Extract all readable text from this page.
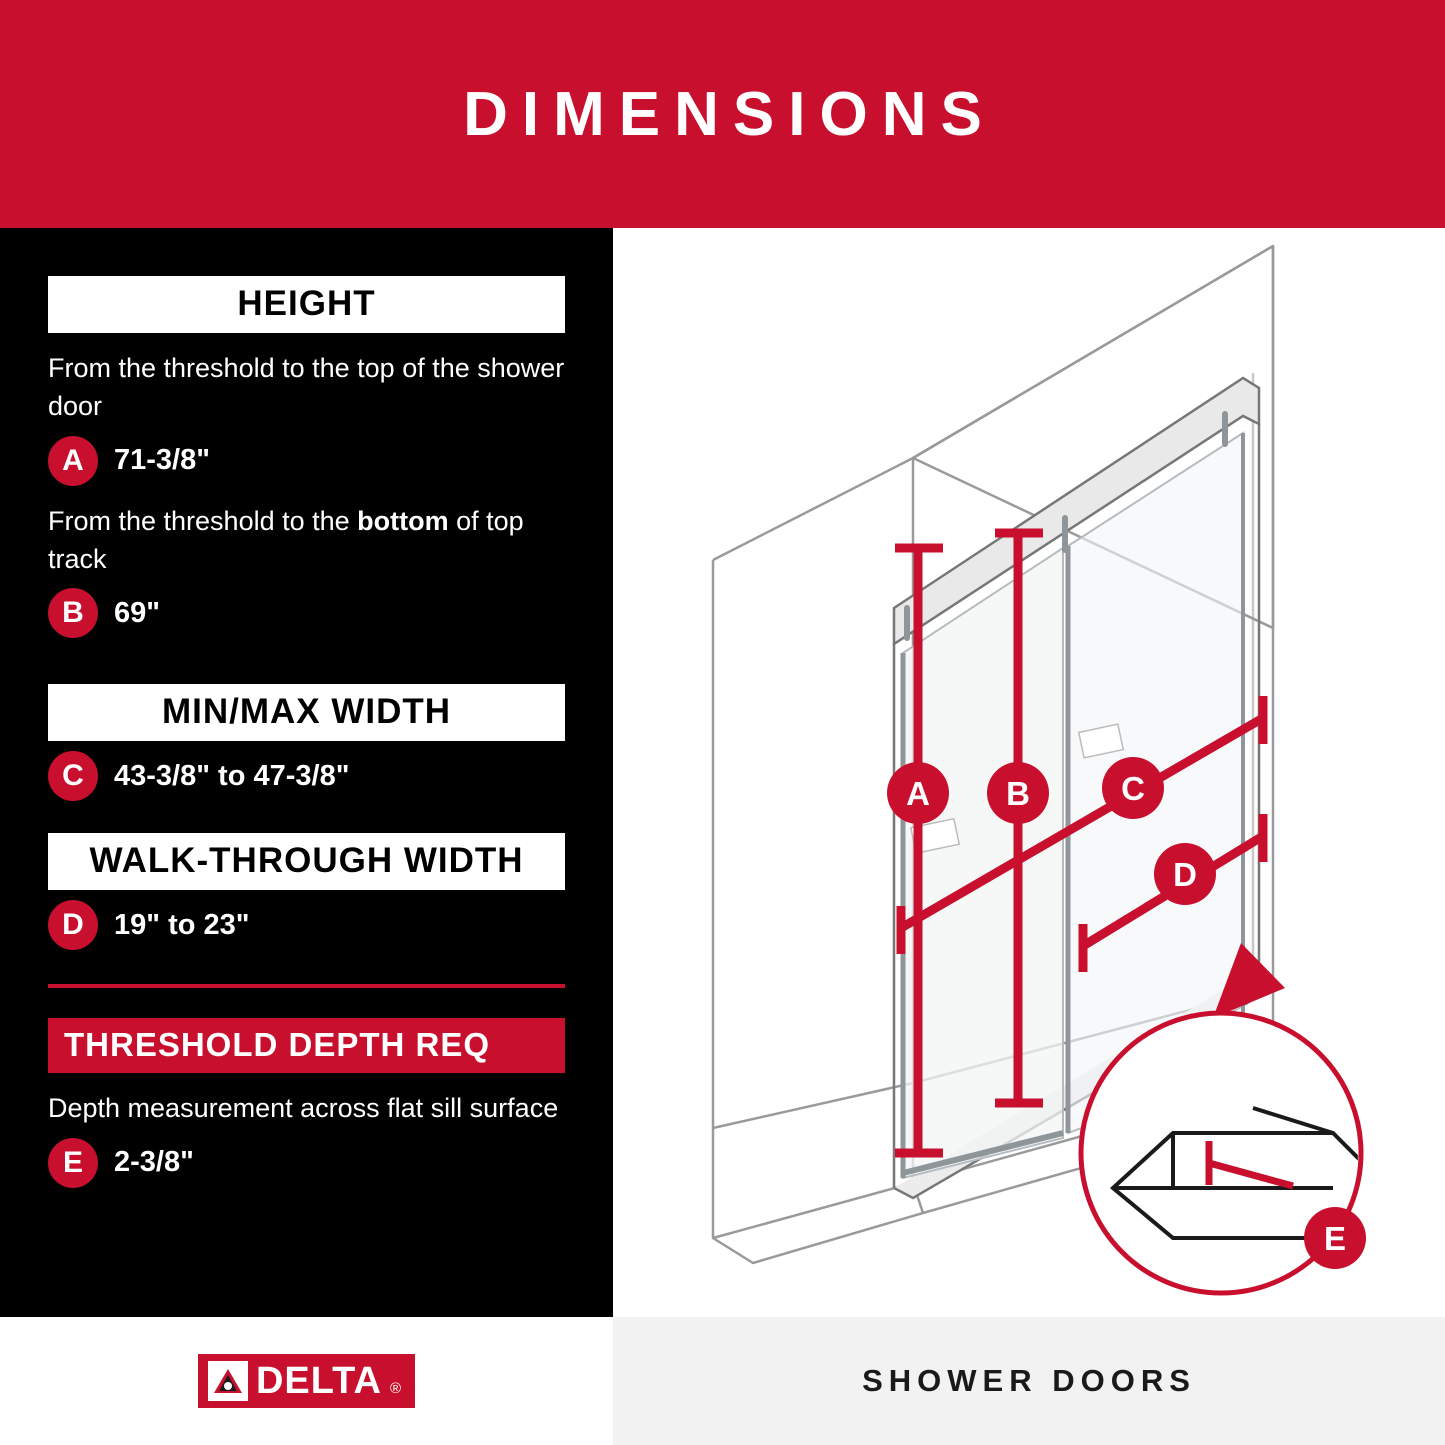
DIMENSIONS
HEIGHT
From the threshold to the top of the shower door
A	71-3/8"
From the threshold to the bottom of top track
B	69"
MIN/MAX WIDTH
C	43-3/8" to 47-3/8"
WALK-THROUGH WIDTH
D	19" to 23"
THRESHOLD DEPTH REQ
Depth measurement across flat sill surface
E	2-3/8"
A B	C
D
E
DELTA ®	SHOWER DOORS
